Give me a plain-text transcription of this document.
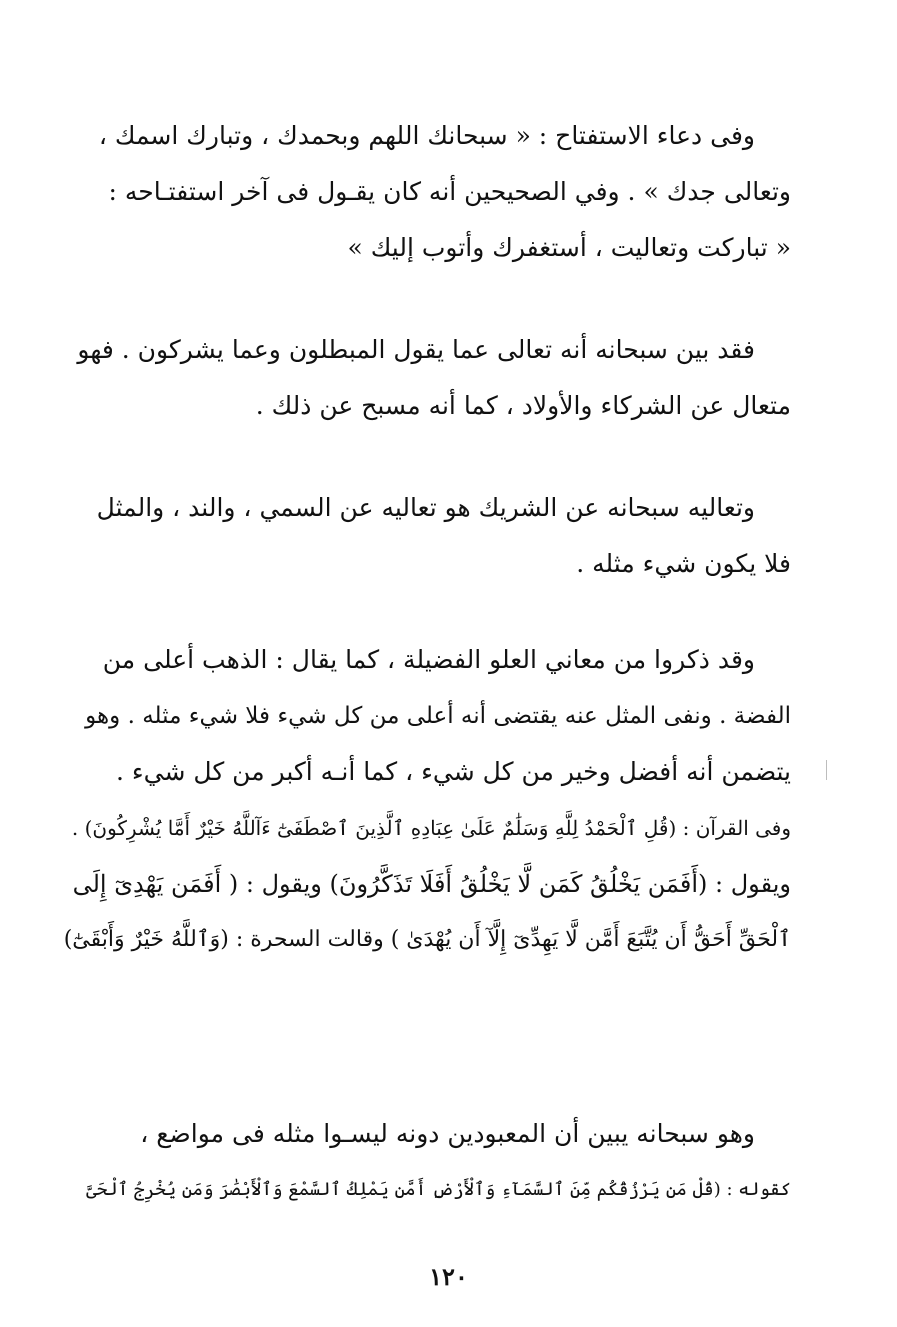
وفى دعاء الاستفتاح : « سبحانك اللهم وبحمدك ، وتبارك اسمك ،
وتعالى جدك » . وفي الصحيحين أنه كان يقـول فى آخر استفتـاحه :
« تباركت وتعاليت ، أستغفرك وأتوب إليك »
فقد بين سبحانه أنه تعالى عما يقول المبطلون وعما يشركون . فهو
متعال عن الشركاء والأولاد ، كما أنه مسبح عن ذلك .
وتعاليه سبحانه عن الشريك هو تعاليه عن السمي ، والند ، والمثل
فلا يكون شيء مثله .
وقد ذكروا من معاني العلو الفضيلة ، كما يقال : الذهب أعلى من
الفضة . ونفى المثل عنه يقتضى أنه أعلى من كل شيء فلا شيء مثله . وهو
يتضمن أنه أفضل وخير من كل شيء ، كما أنـه أكبر من كل شيء .
وفى القرآن : (قُلِ ٱلْحَمْدُ لِلَّهِ وَسَلَٰمٌ عَلَىٰ عِبَادِهِ ٱلَّذِينَ ٱصْطَفَىٰٓ ءَآللَّهُ خَيْرٌ أَمَّا يُشْرِكُونَ) .
ويقول : (أَفَمَن يَخْلُقُ كَمَن لَّا يَخْلُقُ أَفَلَا تَذَكَّرُونَ) ويقول : ( أَفَمَن يَهْدِىٓ إِلَى
ٱلْحَقِّ أَحَقُّ أَن يُتَّبَعَ أَمَّن لَّا يَهِدِّىٓ إِلَّآ أَن يُهْدَىٰ ) وقالت السحرة : (وَٱللَّهُ خَيْرٌ وَأَبْقَىٰٓ)
وهو سبحانه يبين أن المعبودين دونه ليسـوا مثله فى مواضع ،
كقوله : (قُلْ مَن يَرْزُقُكُم مِّنَ ٱلسَّمَآءِ وَٱلْأَرْضِ أَمَّن يَمْلِكُ ٱلسَّمْعَ وَٱلْأَبْصَٰرَ وَمَن يُخْرِجُ ٱلْحَىَّ
١٢٠
